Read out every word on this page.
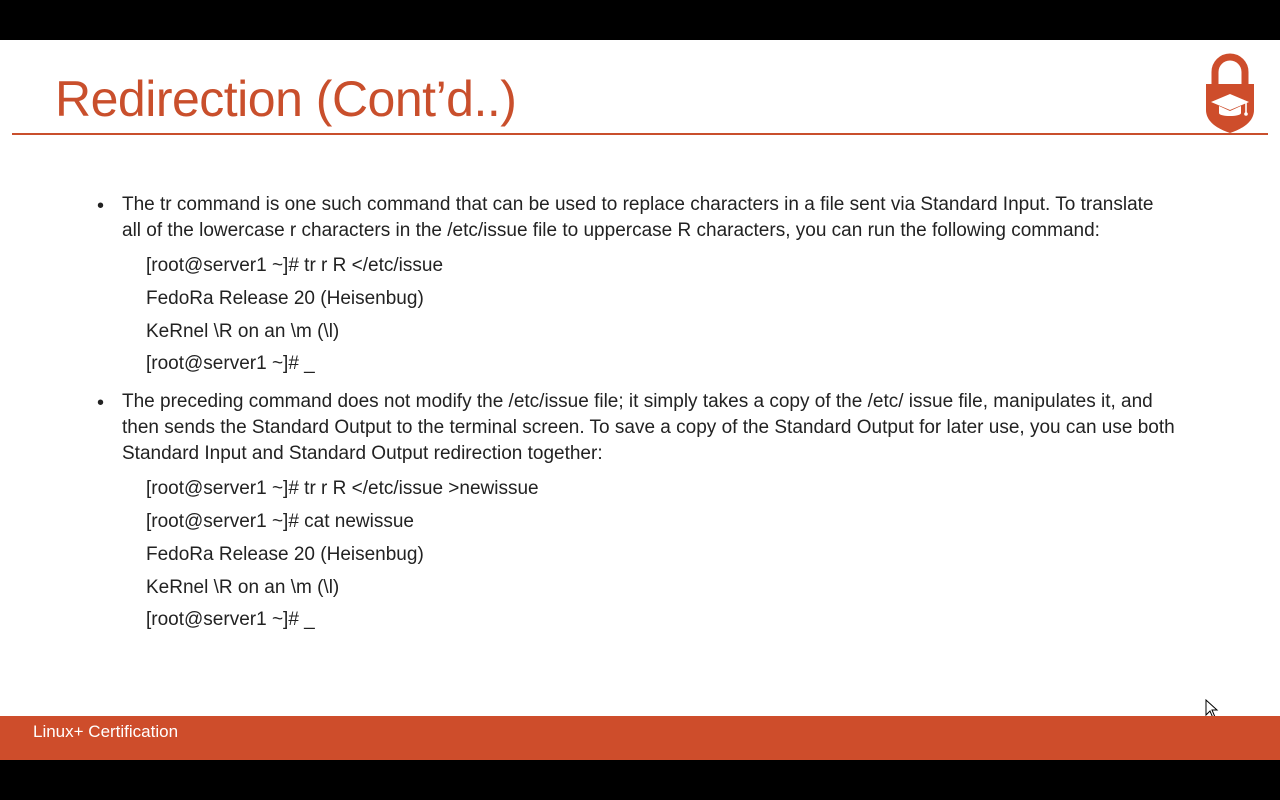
Redirection (Cont’d..)
• The tr command is one such command that can be used to replace characters in a file sent via Standard Input. To translate all of the lowercase r characters in the /etc/issue file to uppercase R characters, you can run the following command:

[root@server1 ~]# tr r R </etc/issue
FedoRa Release 20 (Heisenbug)
KeRnel \R on an \m (\l)
[root@server1 ~]# _
• The preceding command does not modify the /etc/issue file; it simply takes a copy of the /etc/ issue file, manipulates it, and then sends the Standard Output to the terminal screen. To save a copy of the Standard Output for later use, you can use both Standard Input and Standard Output redirection together:

[root@server1 ~]# tr r R </etc/issue >newissue
[root@server1 ~]# cat newissue
FedoRa Release 20 (Heisenbug)
KeRnel \R on an \m (\l)
[root@server1 ~]# _
Linux+ Certification
